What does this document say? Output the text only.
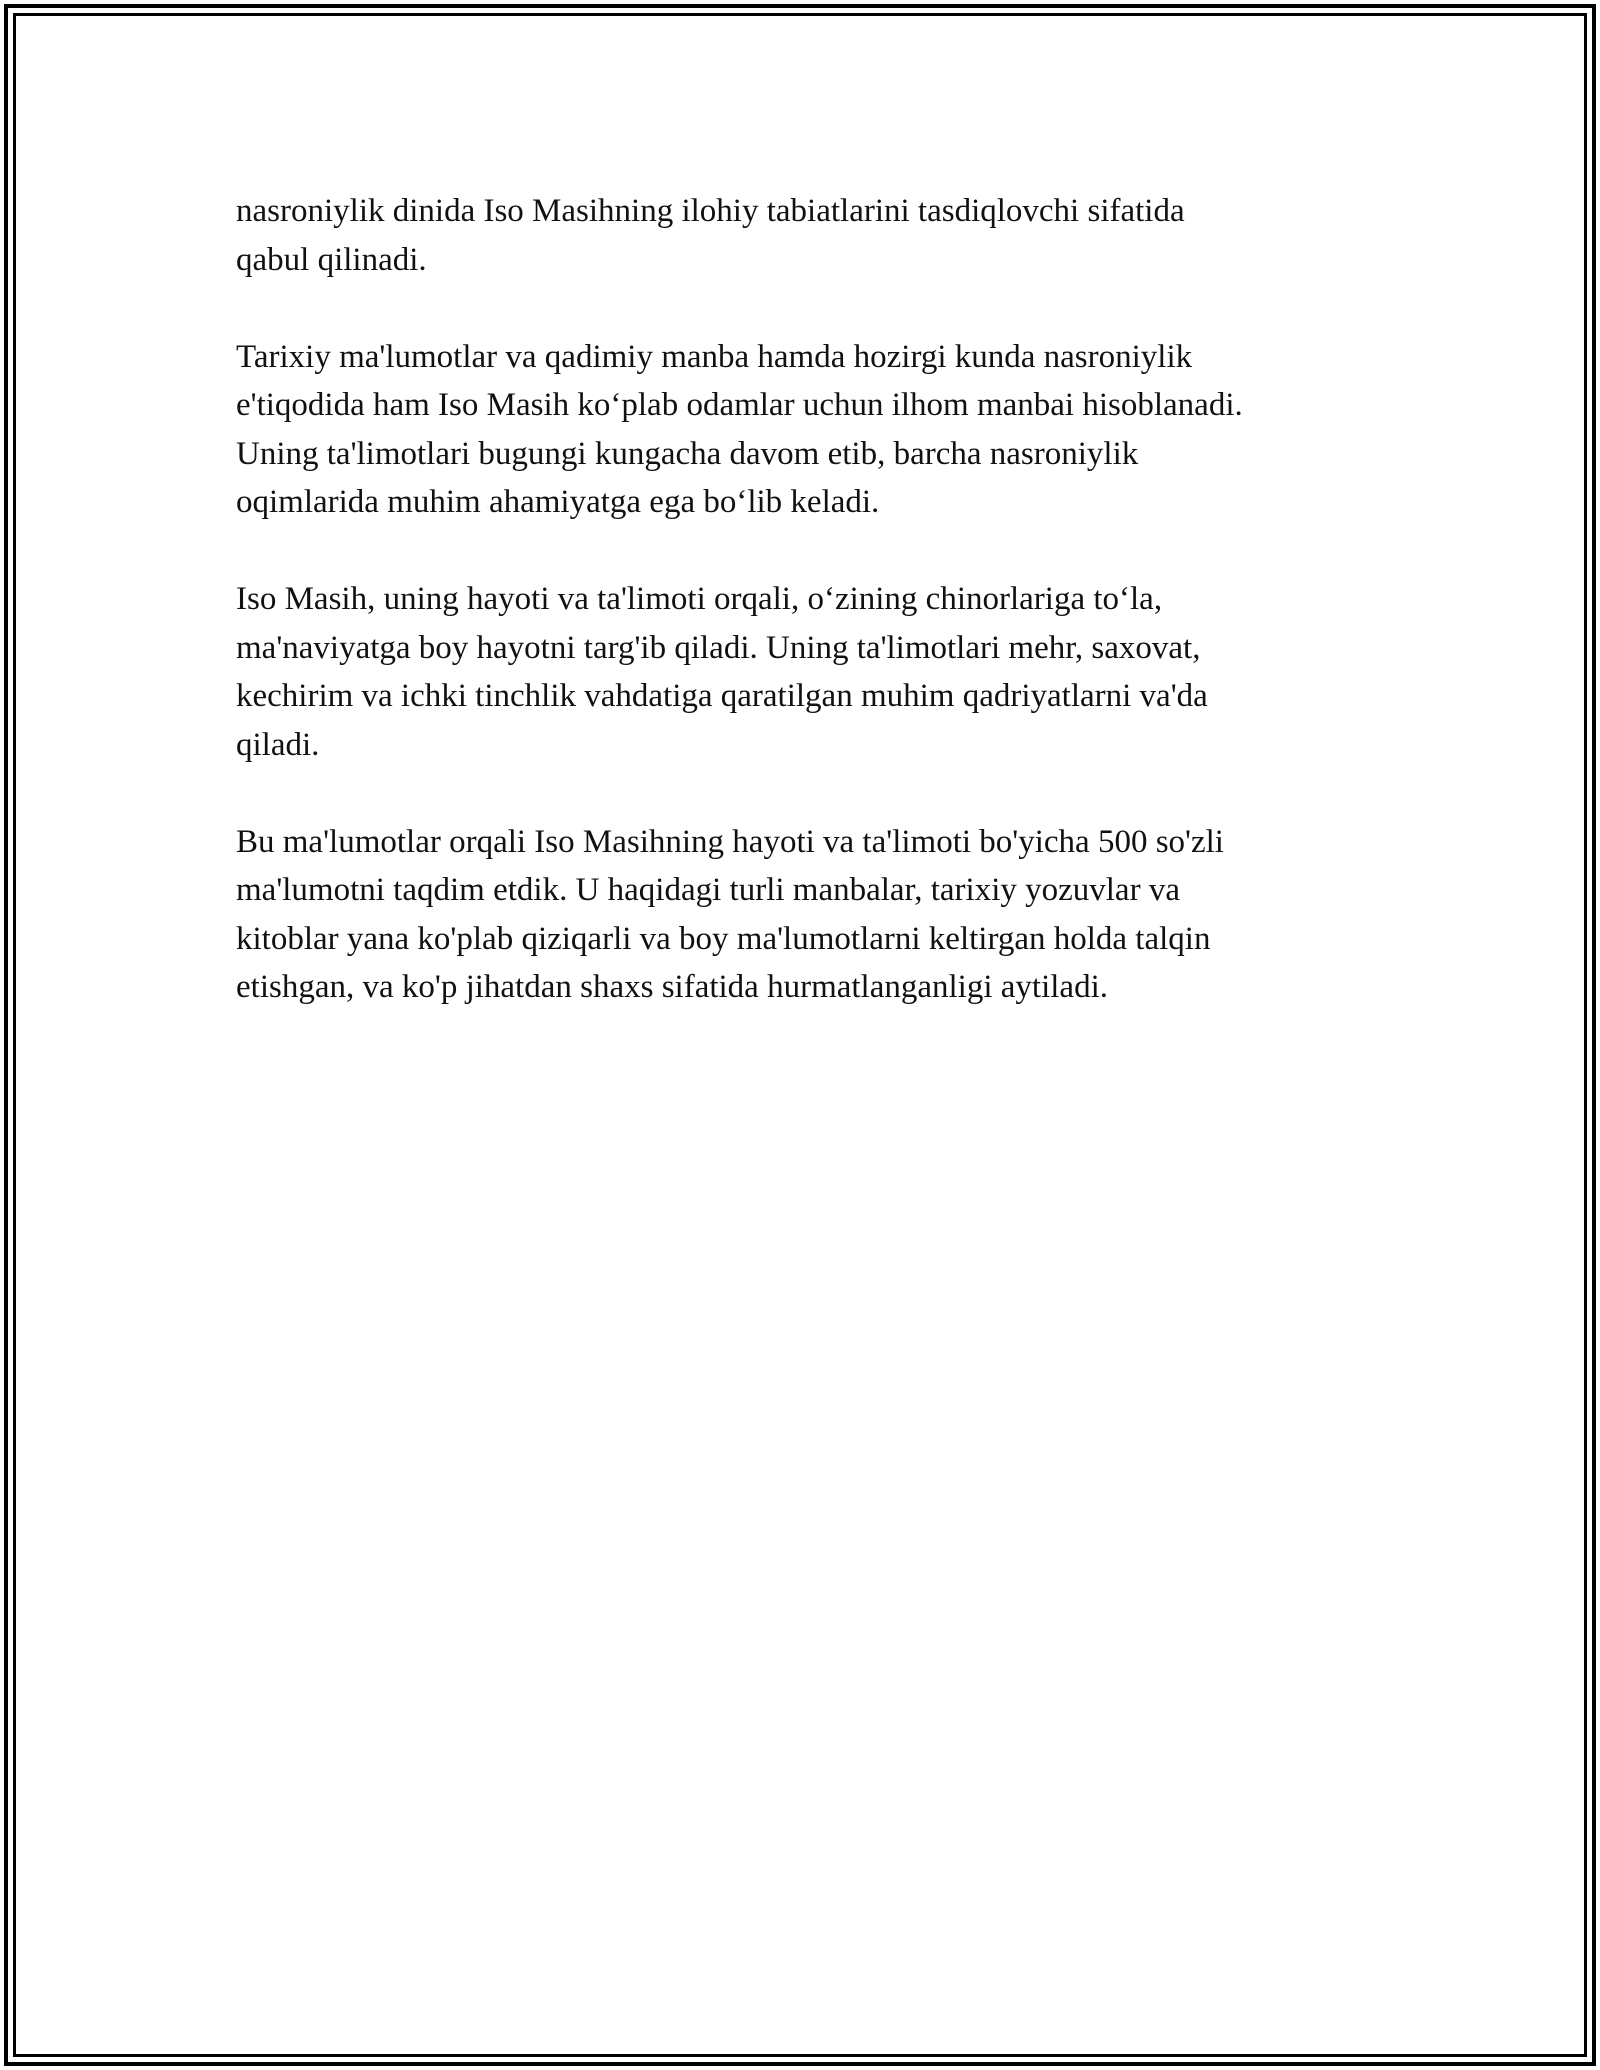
nasroniylik dinida Iso Masihning ilohiy tabiatlarini tasdiqlovchi sifatida
qabul qilinadi.

Tarixiy ma'lumotlar va qadimiy manba hamda hozirgi kunda nasroniylik
e'tiqodida ham Iso Masih ko‘plab odamlar uchun ilhom manbai hisoblanadi.
Uning ta'limotlari bugungi kungacha davom etib, barcha nasroniylik
oqimlarida muhim ahamiyatga ega bo‘lib keladi.

Iso Masih, uning hayoti va ta'limoti orqali, o‘zining chinorlariga to‘la,
ma'naviyatga boy hayotni targ'ib qiladi. Uning ta'limotlari mehr, saxovat,
kechirim va ichki tinchlik vahdatiga qaratilgan muhim qadriyatlarni va'da
qiladi.

Bu ma'lumotlar orqali Iso Masihning hayoti va ta'limoti bo'yicha 500 so'zli
ma'lumotni taqdim etdik. U haqidagi turli manbalar, tarixiy yozuvlar va
kitoblar yana ko'plab qiziqarli va boy ma'lumotlarni keltirgan holda talqin
etishgan, va ko'p jihatdan shaxs sifatida hurmatlanganligi aytiladi.
